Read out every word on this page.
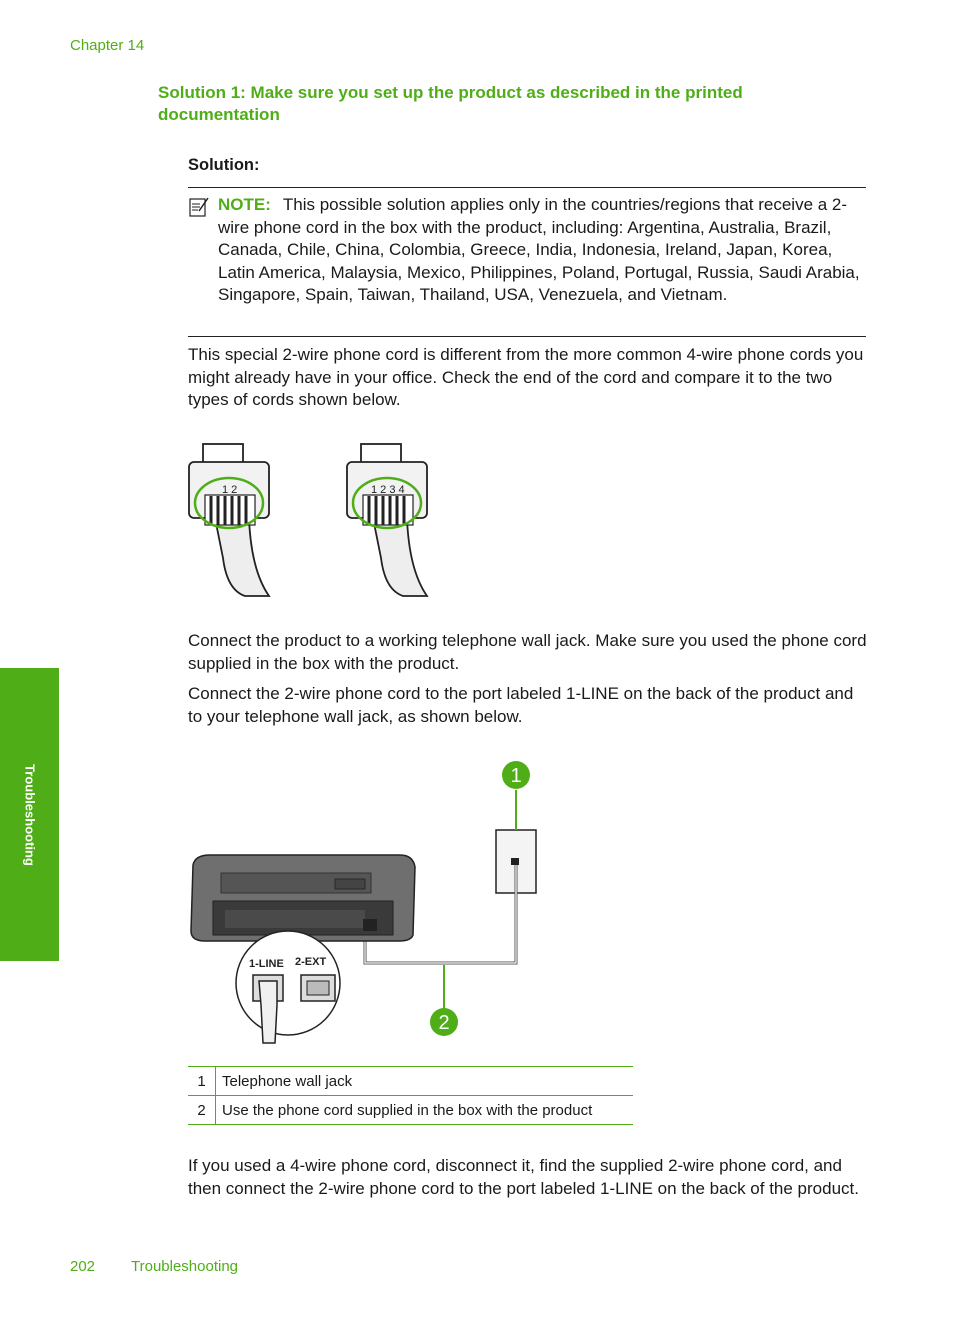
Chapter 14
Solution 1: Make sure you set up the product as described in the printed documentation
Solution:
NOTE: This possible solution applies only in the countries/regions that receive a 2-wire phone cord in the box with the product, including: Argentina, Australia, Brazil, Canada, Chile, China, Colombia, Greece, India, Indonesia, Ireland, Japan, Korea, Latin America, Malaysia, Mexico, Philippines, Poland, Portugal, Russia, Saudi Arabia, Singapore, Spain, Taiwan, Thailand, USA, Venezuela, and Vietnam.
This special 2-wire phone cord is different from the more common 4-wire phone cords you might already have in your office. Check the end of the cord and compare it to the two types of cords shown below.
1 2	1 2 3 4
Connect the product to a working telephone wall jack. Make sure you used the phone cord supplied in the box with the product.
Connect the 2-wire phone cord to the port labeled 1-LINE on the back of the product and to your telephone wall jack, as shown below.
1-LINE 2-EXT
1
2
1	Telephone wall jack
2	Use the phone cord supplied in the box with the product
If you used a 4-wire phone cord, disconnect it, find the supplied 2-wire phone cord, and then connect the 2-wire phone cord to the port labeled 1-LINE on the back of the product.
Troubleshooting
202 Troubleshooting
